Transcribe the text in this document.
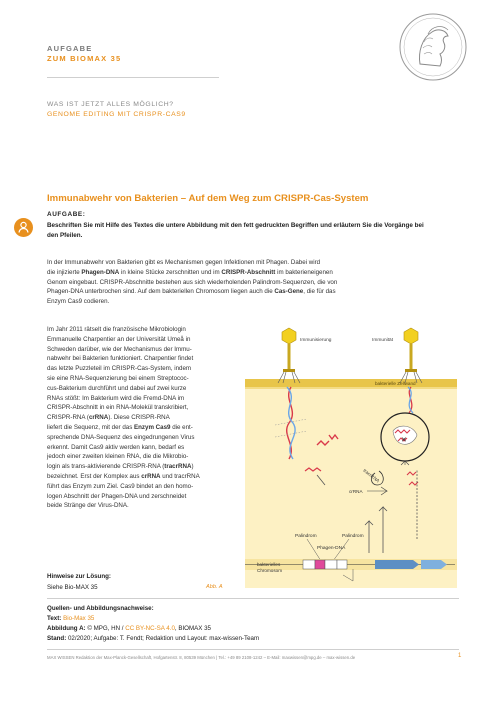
AUFGABE
ZUM BIOMAX 35
WAS IST JETZT ALLES MÖGLICH?
GENOME EDITING MIT CRISPR-CAS9
Immunabwehr von Bakterien – Auf dem Weg zum CRISPR-Cas-System
AUFGABE:
Beschriften Sie mit Hilfe des Textes die untere Abbildung mit den fett gedruckten Begriffen und erläutern Sie die Vorgänge bei den Pfeilen.
In der Immunabwehr von Bakterien gibt es Mechanismen gegen Infektionen mit Phagen. Dabei wird
die injizierte Phagen-DNA in kleine Stücke zerschnitten und im CRISPR-Abschnitt im bakterieneigenen
Genom eingebaut. CRISPR-Abschnitte bestehen aus sich wiederholenden Palindrom-Sequenzen, die von
Phagen-DNA unterbrochen sind. Auf dem bakteriellen Chromosom liegen auch die Cas-Gene, die für das
Enzym Cas9 codieren.
Im Jahr 2011 rätselt die französische Mikrobiologin
Emmanuelle Charpentier an der Universität Umeå in
Schweden darüber, wie der Mechanismus der Immu-
nabwehr bei Bakterien funktioniert. Charpentier findet
das letzte Puzzleteil im CRISPR-Cas-System, indem
sie eine RNA-Sequenzierung bei einem Streptococ-
cus-Bakterium durchführt und dabei auf zwei kurze
RNAs stößt: Im Bakterium wird die Fremd-DNA im
CRISPR-Abschnitt in ein RNA-Molekül transkribiert,
CRISPR-RNA (crRNA). Diese CRISPR-RNA
liefert die Sequenz, mit der das Enzym Cas9 die ent-
sprechende DNA-Sequenz des eingedrungenen Virus
erkennt. Damit Cas9 aktiv werden kann, bedarf es
jedoch einer zweiten kleinen RNA, die die Mikrobio-
login als trans-aktivierende CRISPR-RNA (tracrRNA)
bezeichnet. Erst der Komplex aus crRNA und tracrRNA
führt das Enzym zum Ziel. Cas9 bindet an den homo-
logen Abschnitt der Phagen-DNA und zerschneidet
beide Stränge der Virus-DNA.
Hinweise zur Lösung:
Siehe Bio-MAX 35	Abb. A
bakterielle Zellwand
Immunisierung	Immunität
✕
tracrRNA
crRNA
Palindrom	Palindrom
Phagen-DNA
bakterielles
Chromosom
Quellen- und Abbildungsnachweise:
Text: Bio-Max 35
Abbildung A: © MPG, HN / CC BY-NC-SA 4.0, BIOMAX 35
Stand: 02/2020; Aufgabe: T. Fendt; Redaktion und Layout: max-wissen-Team
MAX WISSEN Redaktion der Max-Planck-Gesellschaft, Hofgartenstr. 8, 80539 München | Tel.: +49 89 2108-1242 – E-Mail: maxwissen@mpg.de – max-wissen.de	1
